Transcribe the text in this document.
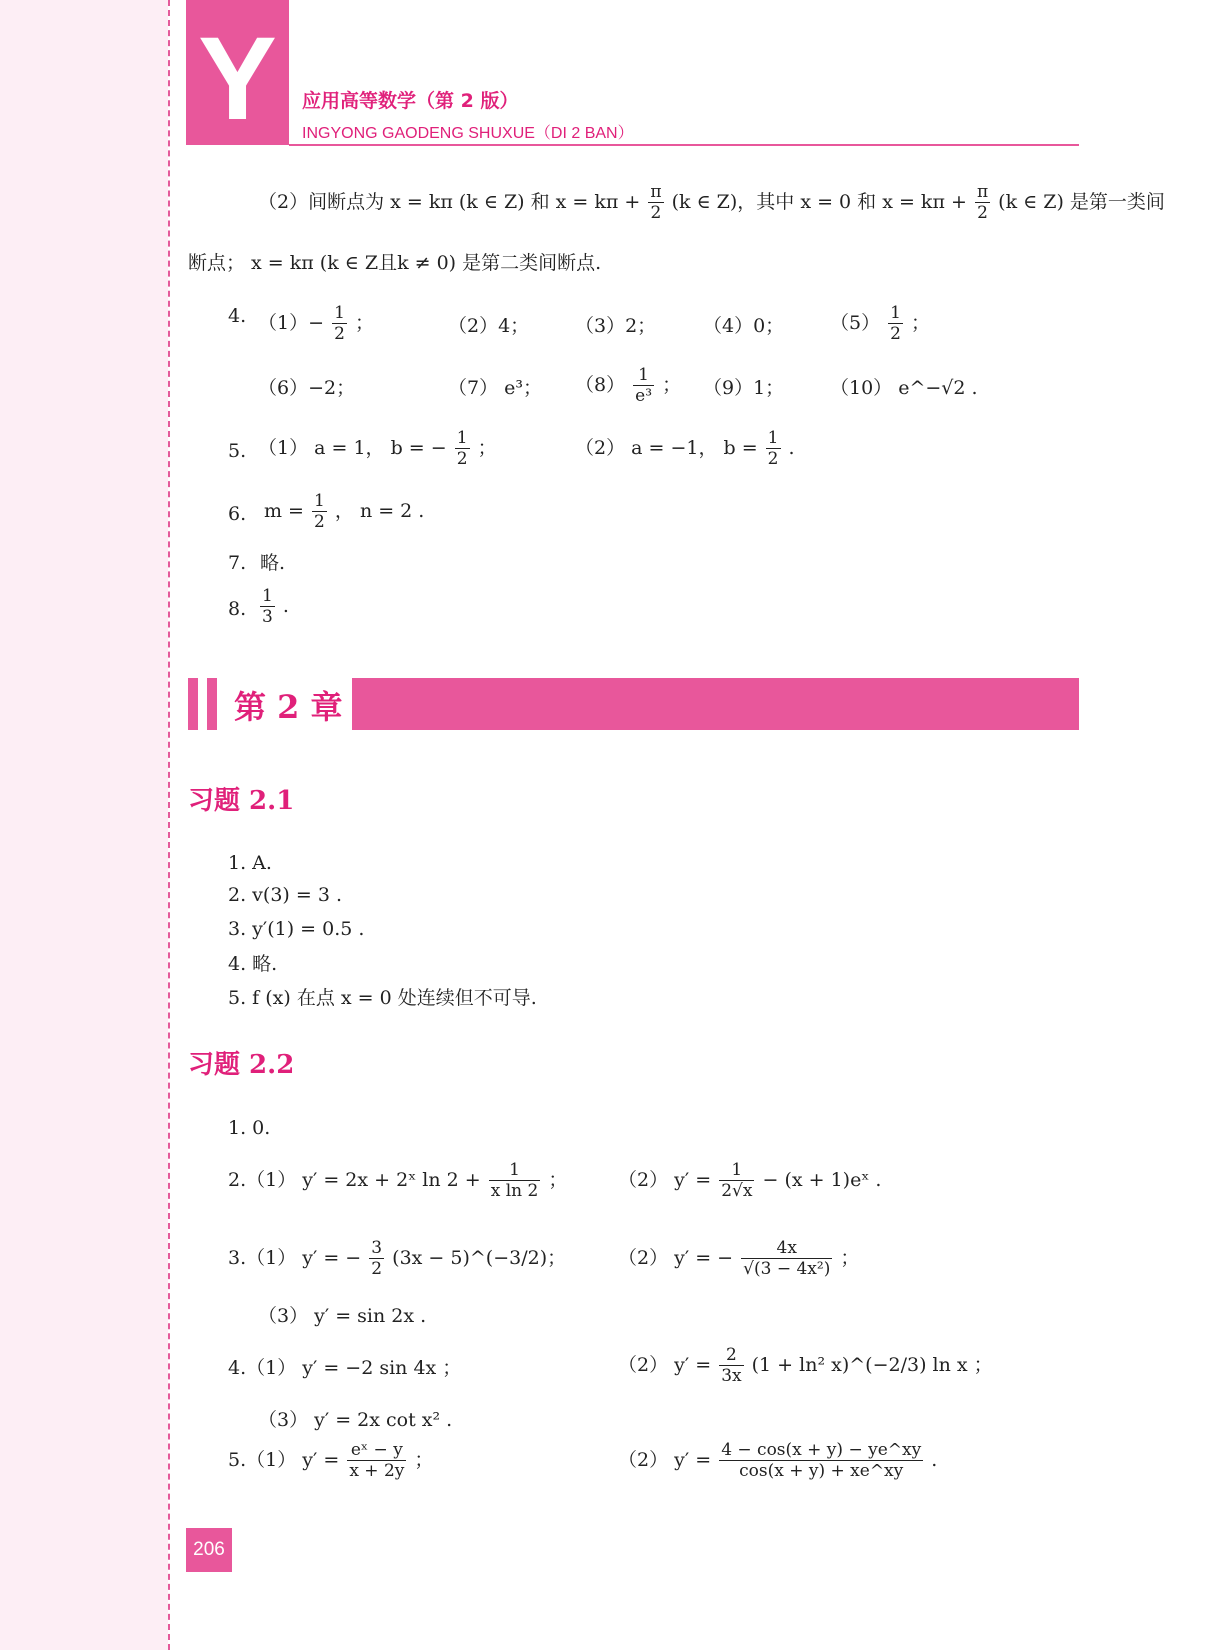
Y	应用高等数学（第 2 版）
INGYONG GAODENG SHUXUE（DI 2 BAN）
（2）间断点为 x = kπ (k ∈ Z) 和 $x = k\pi + \frac{\pi}{2} (k$ ∈ Z)，其中 x = 0 和 $x = k\pi + \frac{\pi}{2} (k$ ∈ Z) 是第一类间
断点； x = kπ (k ∈ Z且k ≠ 0) 是第二类间断点.
4. $(1)- \frac{1}{2}$ ；	（2）4； （3）2； （4）0； $(5) \frac{1}{2}$ ；
（6）−2；	（7） e³； $(8) \frac{1}{\text{e³}}$ ； （9）1； （10） e^−√2 .
5. （1） a = 1， b = − $\frac{1}{2}$ ；	（2） a = −1， $b = \frac{1}{2}$ .
6. $m = \frac{1}{2}$ ， n = 2 .
7. 略.
8. $\frac{1}{3}$ .
第 2 章
习题 2.1
1. A.
2. v(3) = 3 .
3. y′(1) = 0.5 .
4. 略.
5. f (x) 在点 x = 0 处连续但不可导.
习题 2.2
1. 0.
2.（1） y′ = 2x + 2ˣ $\ln 2 + \frac{1}{\text{x ln 2}}$ ；	（2） $y' = \frac{1}{2√x} - (x$ + 1)eˣ .
3.（1） y′ = − $\frac{3}{2} (3x$ − 5)^(−3/2)；	（2） y′ = − $\frac{4x}{\text{√(3 − 4x²)}}$ ；
（3） y′ = sin 2x .
4.（1） y′ = −2 sin 4x ；	（2） $y' = \frac{2}{3x} (1 + \ln^2$ x)^(−2/3) ln x ；
（3） y′ = 2x cot x² .
5.（1） $y' = \frac{\text{eˣ − y}}{x + 2y}$ ；	（2） $y' = \frac{4 - \cos(x + y) - ye\^{}xy}{\cos(x + y) + xe\^{}xy}$ .
206
